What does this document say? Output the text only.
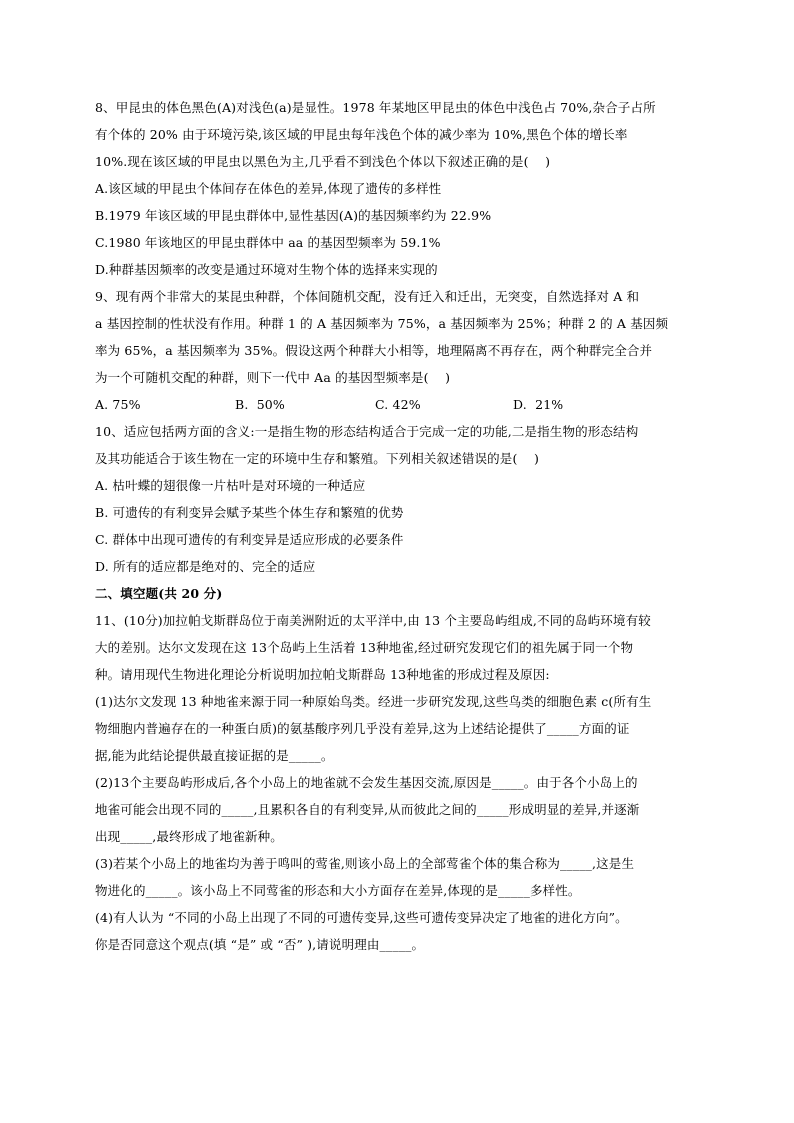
8、甲昆虫的体色黑色(A)对浅色(a)是显性。1978 年某地区甲昆虫的体色中浅色占 70%,杂合子占所
有个体的 20% 由于环境污染,该区域的甲昆虫每年浅色个体的减少率为 10%,黑色个体的增长率
10%.现在该区域的甲昆虫以黑色为主,几乎看不到浅色个体以下叙述正确的是(    )
A.该区域的甲昆虫个体间存在体色的差异,体现了遗传的多样性
B.1979 年该区域的甲昆虫群体中,显性基因(A)的基因频率约为 22.9%
C.1980 年该地区的甲昆虫群体中 aa 的基因型频率为 59.1%
D.种群基因频率的改变是通过环境对生物个体的选择来实现的
9、现有两个非常大的某昆虫种群，个体间随机交配，没有迁入和迁出，无突变，自然选择对 A 和
a 基因控制的性状没有作用。种群 1 的 A 基因频率为 75%，a 基因频率为 25%；种群 2 的 A 基因频
率为 65%，a 基因频率为 35%。假设这两个种群大小相等，地理隔离不再存在，两个种群完全合并
为一个可随机交配的种群，则下一代中 Aa 的基因型频率是(    )
A. 75%	B.  50%	C. 42%	D.  21%
10、适应包括两方面的含义:一是指生物的形态结构适合于完成一定的功能,二是指生物的形态结构
及其功能适合于该生物在一定的环境中生存和繁殖。下列相关叙述错误的是(    )
A. 枯叶蝶的翅很像一片枯叶是对环境的一种适应
B. 可遗传的有利变异会赋予某些个体生存和繁殖的优势
C. 群体中出现可遗传的有利变异是适应形成的必要条件
D. 所有的适应都是绝对的、完全的适应
二、填空题(共 20 分)
11、(10分)加拉帕戈斯群岛位于南美洲附近的太平洋中,由 13 个主要岛屿组成,不同的岛屿环境有较
大的差别。达尔文发现在这 13个岛屿上生活着 13种地雀,经过研究发现它们的祖先属于同一个物
种。请用现代生物进化理论分析说明加拉帕戈斯群岛 13种地雀的形成过程及原因:
(1)达尔文发现 13 种地雀来源于同一种原始鸟类。经进一步研究发现,这些鸟类的细胞色素 c(所有生
物细胞内普遍存在的一种蛋白质)的氨基酸序列几乎没有差异,这为上述结论提供了_____方面的证
据,能为此结论提供最直接证据的是_____。
(2)13个主要岛屿形成后,各个小岛上的地雀就不会发生基因交流,原因是_____。由于各个小岛上的
地雀可能会出现不同的_____,且累积各自的有利变异,从而彼此之间的_____形成明显的差异,并逐渐
出现_____,最终形成了地雀新种。
(3)若某个小岛上的地雀均为善于鸣叫的莺雀,则该小岛上的全部莺雀个体的集合称为_____,这是生
物进化的_____。该小岛上不同莺雀的形态和大小方面存在差异,体现的是_____多样性。
(4)有人认为 “不同的小岛上出现了不同的可遗传变异,这些可遗传变异决定了地雀的进化方向”。
你是否同意这个观点(填 “是” 或 “否” ),请说明理由_____。
